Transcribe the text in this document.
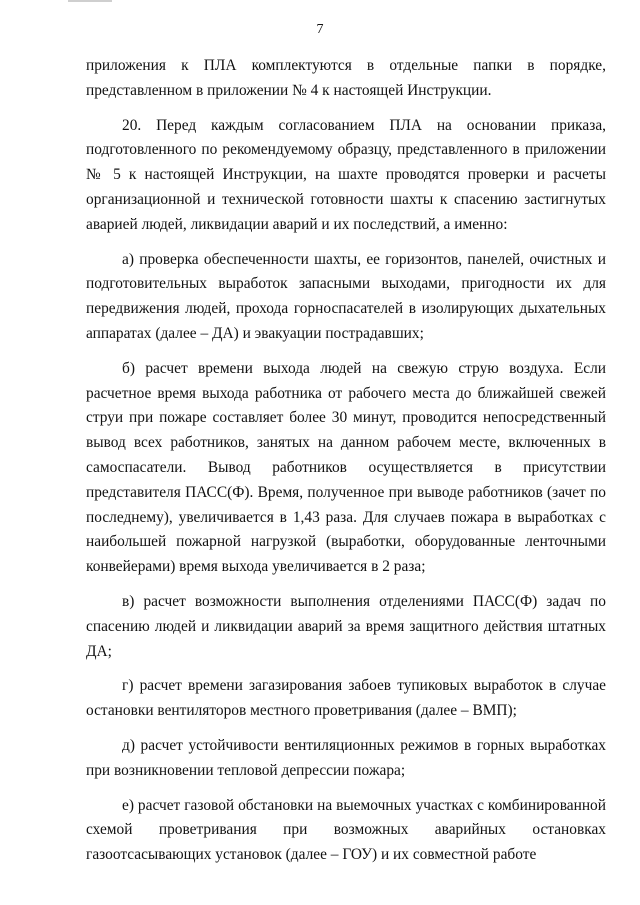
7

приложения к ПЛА комплектуются в отдельные папки в порядке, представленном в приложении № 4 к настоящей Инструкции.

20. Перед каждым согласованием ПЛА на основании приказа, подготовленного по рекомендуемому образцу, представленного в приложении № 5 к настоящей Инструкции, на шахте проводятся проверки и расчеты организационной и технической готовности шахты к спасению застигнутых аварией людей, ликвидации аварий и их последствий, а именно:

а) проверка обеспеченности шахты, ее горизонтов, панелей, очистных и подготовительных выработок запасными выходами, пригодности их для передвижения людей, прохода горноспасателей в изолирующих дыхательных аппаратах (далее – ДА) и эвакуации пострадавших;

б) расчет времени выхода людей на свежую струю воздуха. Если расчетное время выхода работника от рабочего места до ближайшей свежей струи при пожаре составляет более 30 минут, проводится непосредственный вывод всех работников, занятых на данном рабочем месте, включенных в самоспасатели. Вывод работников осуществляется в присутствии представителя ПАСС(Ф). Время, полученное при выводе работников (зачет по последнему), увеличивается в 1,43 раза. Для случаев пожара в выработках с наибольшей пожарной нагрузкой (выработки, оборудованные ленточными конвейерами) время выхода увеличивается в 2 раза;

в) расчет возможности выполнения отделениями ПАСС(Ф) задач по спасению людей и ликвидации аварий за время защитного действия штатных ДА;

г) расчет времени загазирования забоев тупиковых выработок в случае остановки вентиляторов местного проветривания (далее – ВМП);

д) расчет устойчивости вентиляционных режимов в горных выработках при возникновении тепловой депрессии пожара;

е) расчет газовой обстановки на выемочных участках с комбинированной схемой проветривания при возможных аварийных остановках газоотсасывающих установок (далее – ГОУ) и их совместной работе
